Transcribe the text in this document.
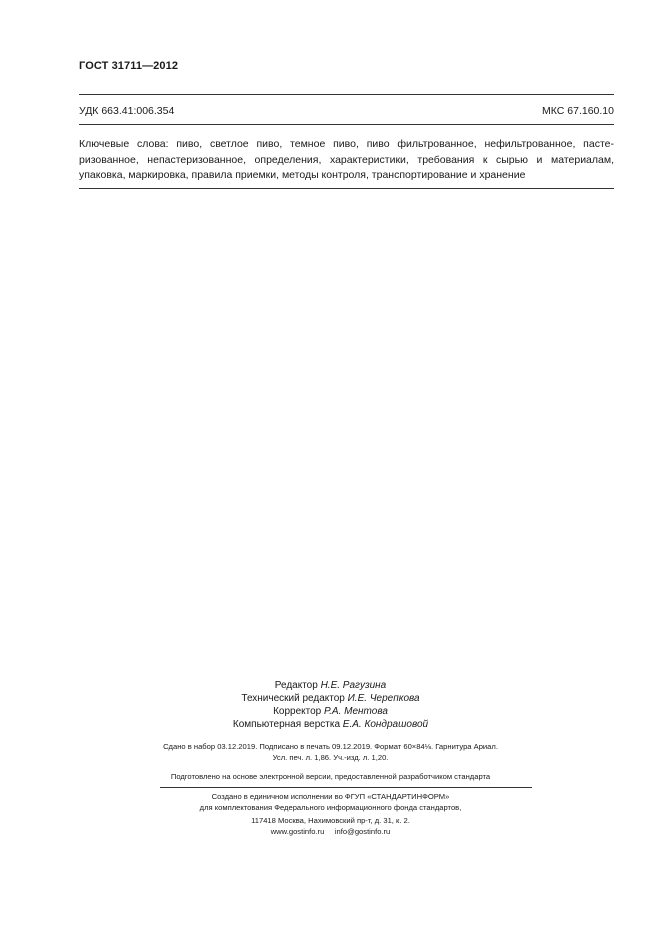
ГОСТ 31711—2012
УДК 663.41:006.354	МКС 67.160.10
Ключевые слова: пиво, светлое пиво, темное пиво, пиво фильтрованное, нефильтрованное, пасте-
ризованное, непастеризованное, определения, характеристики, требования к сырью и материалам,
упаковка, маркировка, правила приемки, методы контроля, транспортирование и хранение
Редактор Н.Е. Рагузина
Технический редактор И.Е. Черепкова
Корректор Р.А. Ментова
Компьютерная верстка Е.А. Кондрашовой
Сдано в набор 03.12.2019. Подписано в печать 09.12.2019. Формат 60×84⅛. Гарнитура Ариал.
Усл. печ. л. 1,86. Уч.-изд. л. 1,20.
Подготовлено на основе электронной версии, предоставленной разработчиком стандарта
Создано в единичном исполнении во ФГУП «СТАНДАРТИНФОРМ»
для комплектования Федерального информационного фонда стандартов,
117418 Москва, Нахимовский пр-т, д. 31, к. 2.
www.gostinfo.ru info@gostinfo.ru
